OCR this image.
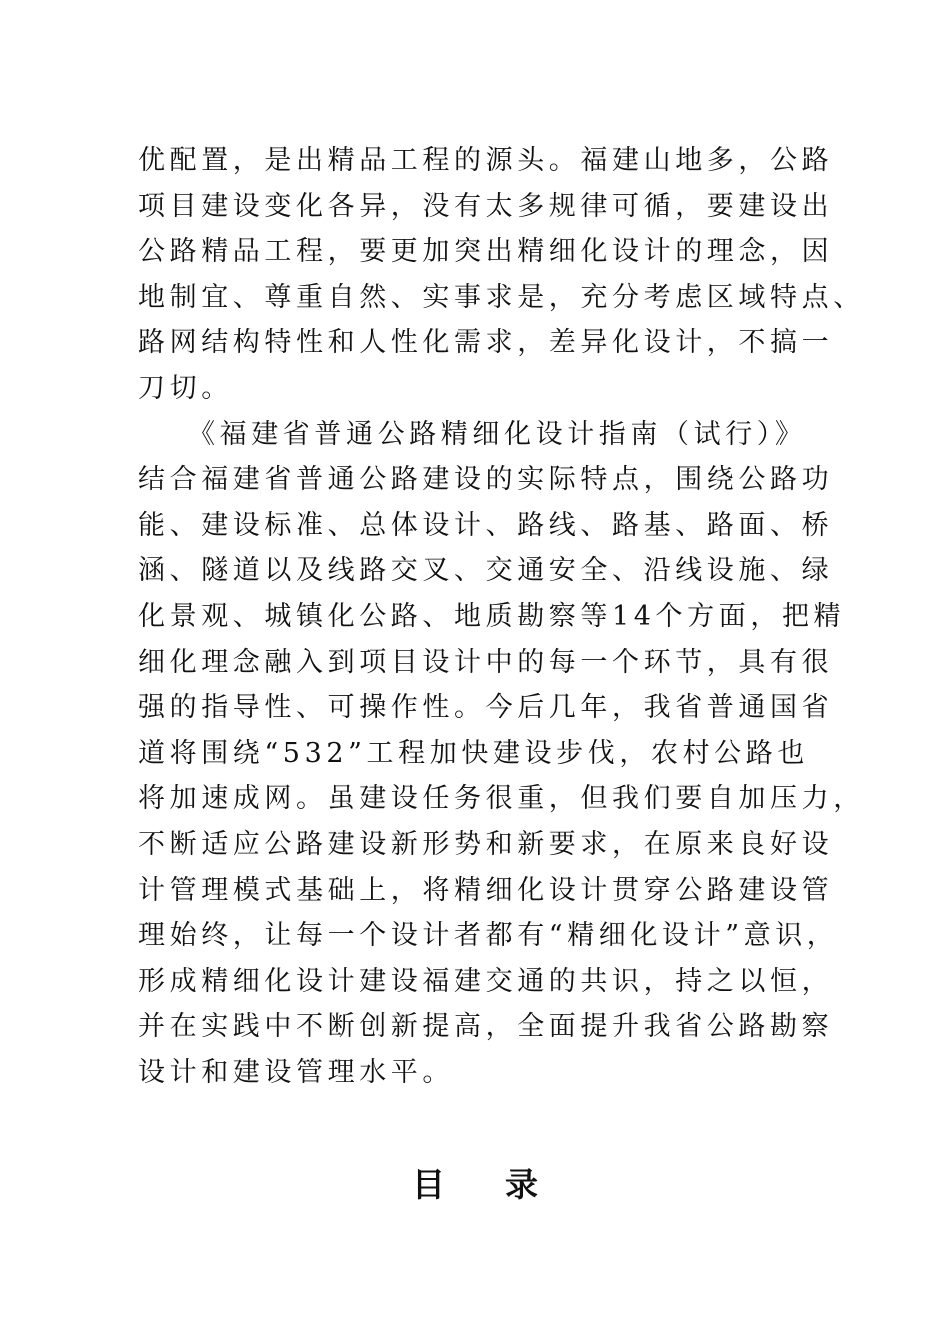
优配置，是出精品工程的源头。福建山地多，公路
项目建设变化各异，没有太多规律可循，要建设出
公路精品工程，要更加突出精细化设计的理念，因
地制宜、尊重自然、实事求是，充分考虑区域特点、
路网结构特性和人性化需求，差异化设计，不搞一
刀切。
《福建省普通公路精细化设计指南（试行）》
结合福建省普通公路建设的实际特点，围绕公路功
能、建设标准、总体设计、路线、路基、路面、桥
涵、隧道以及线路交叉、交通安全、沿线设施、绿
化景观、城镇化公路、地质勘察等14个方面，把精
细化理念融入到项目设计中的每一个环节，具有很
强的指导性、可操作性。今后几年，我省普通国省
道将围绕“532”工程加快建设步伐，农村公路也
将加速成网。虽建设任务很重，但我们要自加压力，
不断适应公路建设新形势和新要求，在原来良好设
计管理模式基础上，将精细化设计贯穿公路建设管
理始终，让每一个设计者都有“精细化设计”意识，
形成精细化设计建设福建交通的共识，持之以恒，
并在实践中不断创新提高，全面提升我省公路勘察
设计和建设管理水平。
目 录
